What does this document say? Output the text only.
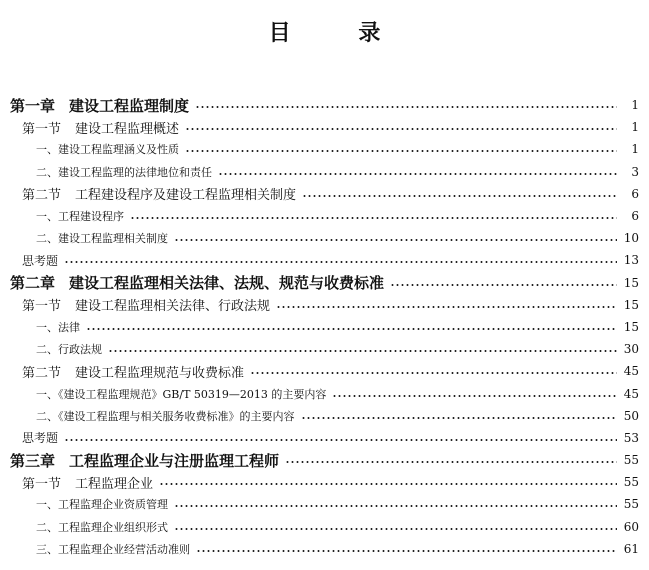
目 录
第一章 建设工程监理制度	1
第一节 建设工程监理概述	1
一、建设工程监理涵义及性质	1
二、建设工程监理的法律地位和责任	3
第二节 工程建设程序及建设工程监理相关制度	6
一、工程建设程序	6
二、建设工程监理相关制度	10
思考题	13
第二章 建设工程监理相关法律、法规、规范与收费标准	15
第一节 建设工程监理相关法律、行政法规	15
一、法律	15
二、行政法规	30
第二节 建设工程监理规范与收费标准	45
一、《建设工程监理规范》GB/T 50319—2013 的主要内容	45
二、《建设工程监理与相关服务收费标准》的主要内容	50
思考题	53
第三章 工程监理企业与注册监理工程师	55
第一节 工程监理企业	55
一、工程监理企业资质管理	55
二、工程监理企业组织形式	60
三、工程监理企业经营活动准则	61
